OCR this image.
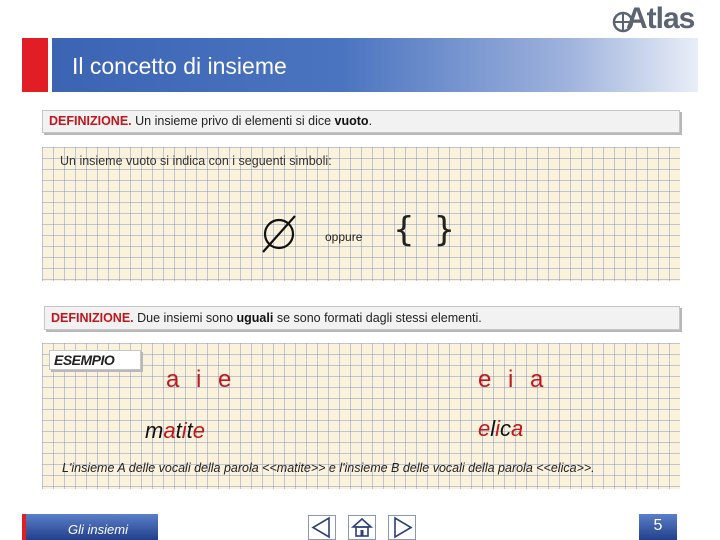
Atlas
Il concetto di insieme
DEFINIZIONE. Un insieme privo di elementi si dice vuoto.
Un insieme vuoto si indica con i seguenti simboli:
oppure { }
DEFINIZIONE. Due insiemi sono uguali se sono formati dagli stessi elementi.
ESEMPIO
a i e	e i a
matite	elica
L'insieme A delle vocali della parola <<matite>> e l'insieme B delle vocali della parola <<elica>>.
Gli insiemi	5
